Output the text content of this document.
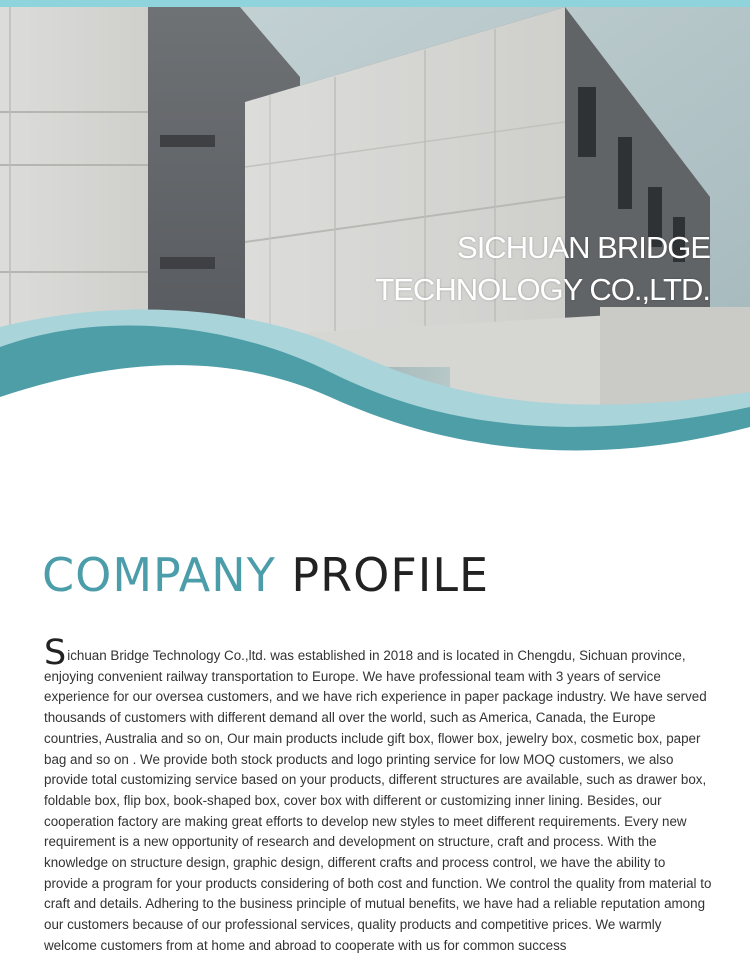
SICHUAN BRIDGE
TECHNOLOGY CO.,LTD.
COMPANY PROFILE

Sichuan Bridge Technology Co.,ltd. was established in 2018 and is located in Chengdu, Sichuan province, enjoying convenient railway transportation to Europe. We have professional team with 3 years of service experience for our oversea customers, and we have rich experience in paper package industry. We have served thousands of customers with different demand all over the world, such as America, Canada, the Europe countries, Australia and so on, Our main products include gift box, flower box, jewelry box, cosmetic box, paper bag and so on . We provide both stock products and logo printing service for low MOQ customers, we also provide total customizing service based on your products, different structures are available, such as drawer box, foldable box, flip box, book-shaped box, cover box with different or customizing inner lining. Besides, our cooperation factory are making great efforts to develop new styles to meet different requirements. Every new requirement is a new opportunity of research and development on structure, craft and process. With the knowledge on structure design, graphic design, different crafts and process control, we have the ability to provide a program for your products considering of both cost and function. We control the quality from material to craft and details. Adhering to the business principle of mutual benefits, we have had a reliable reputation among our customers because of our professional services, quality products and competitive prices. We warmly welcome customers from at home and abroad to cooperate with us for common success
